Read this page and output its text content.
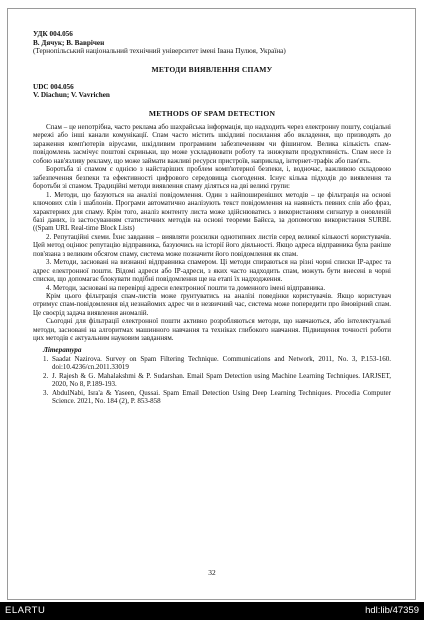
УДК 004.056
В. Дячук; В. Ваврічен
(Тернопільський національний технічний університет імені Івана Пулюя, Україна)
МЕТОДИ ВИЯВЛЕННЯ СПАМУ
UDC 004.056
V. Diachun; V. Vavrichen
METHODS OF SPAM DETECTION

Спам – це непотрібна, часто реклама або шахрайська інформація, що надходить через електронну пошту, соціальні мережі або інші канали комунікації. Спам часто містить шкідливі посилання або вкладення, що призводять до зараження комп'ютерів вірусами, шкідливим програмним забезпеченням чи фішингом. Велика кількість спам-повідомлень засмічує поштові скриньки, що може ускладнювати роботу та знижувати продуктивність. Спам несе із собою нав'язливу рекламу, що може займати важливі ресурси пристроїв, наприклад, інтернет-трафік або пам'ять.

Боротьба зі спамом є однією з найстаріших проблем комп'ютерної безпеки, і, водночас, важливою складовою забезпечення безпеки та ефективності цифрового середовища сьогодення. Існує кілька підходів до виявлення та боротьби зі спамом. Традиційні методи виявлення спаму діляться на дві великі групи:

1. Методи, що базуються на аналізі повідомлення. Один з найпоширеніших методів – це фільтрація на основі ключових слів і шаблонів. Програми автоматично аналізують текст повідомлення на наявність певних слів або фраз, характерних для спаму. Крім того, аналіз контенту листа може здійснюватись з використанням сигнатур в оновленій базі даних, із застосуванням статистичних методів на основі теореми Байєса, за допомогою використання SURBL ((Spam URL Real-time Block Lists)

2. Репутаційні схеми. Їхнє завдання – виявляти розсилки однотипних листів серед великої кількості користувачів. Цей метод оцінює репутацію відправника, базуючись на історії його діяльності. Якщо адреса відправника була раніше пов'язана з великим обсягом спаму, система може позначити його повідомлення як спам.

3. Методи, засновані на визнанні відправника спамером. Ці методи спираються на різні чорні списки IP-адрес та адрес електронної пошти. Відомі адреси або IP-адреси, з яких часто надходить спам, можуть бути внесені в чорні списки, що допомагає блокувати подібні повідомлення ще на етапі їх надходження.

4. Методи, засновані на перевірці адреси електронної пошти та доменного імені відправника.

Крім цього фільтрація спам-листів може ґрунтуватись на аналізі поведінки користувачів. Якщо користувач отримує спам-повідомлення від незнайомих адрес чи в незвичний час, система може попередити про ймовірний спам. Це своєрід задача виявлення аномалій.

Сьогодні для фільтрації електронної пошти активно розробляються методи, що навчаються, або інтелектуальні методи, засновані на алгоритмах машинного навчання та техніках глибокого навчання. Підвищення точності роботи цих методів є актуальним науковим завданням.

Література
1. Saadat Nazirova. Survey on Spam Filtering Technique. Communications and Network, 2011, No. 3, P.153-160. doi:10.4236/cn.2011.33019
2. J. Rajesh & G. Mahalakshmi & P. Sudarshan. Email Spam Detection using Machine Learning Techniques. IARJSET, 2020, No 8, P.189-193.
3. AbdulNabi, Isra'a & Yaseen, Qussai. Spam Email Detection Using Deep Learning Techniques. Procedia Computer Science. 2021, No. 184 (2), P. 853-858
32
ELARTU	hdl:lib/47359
